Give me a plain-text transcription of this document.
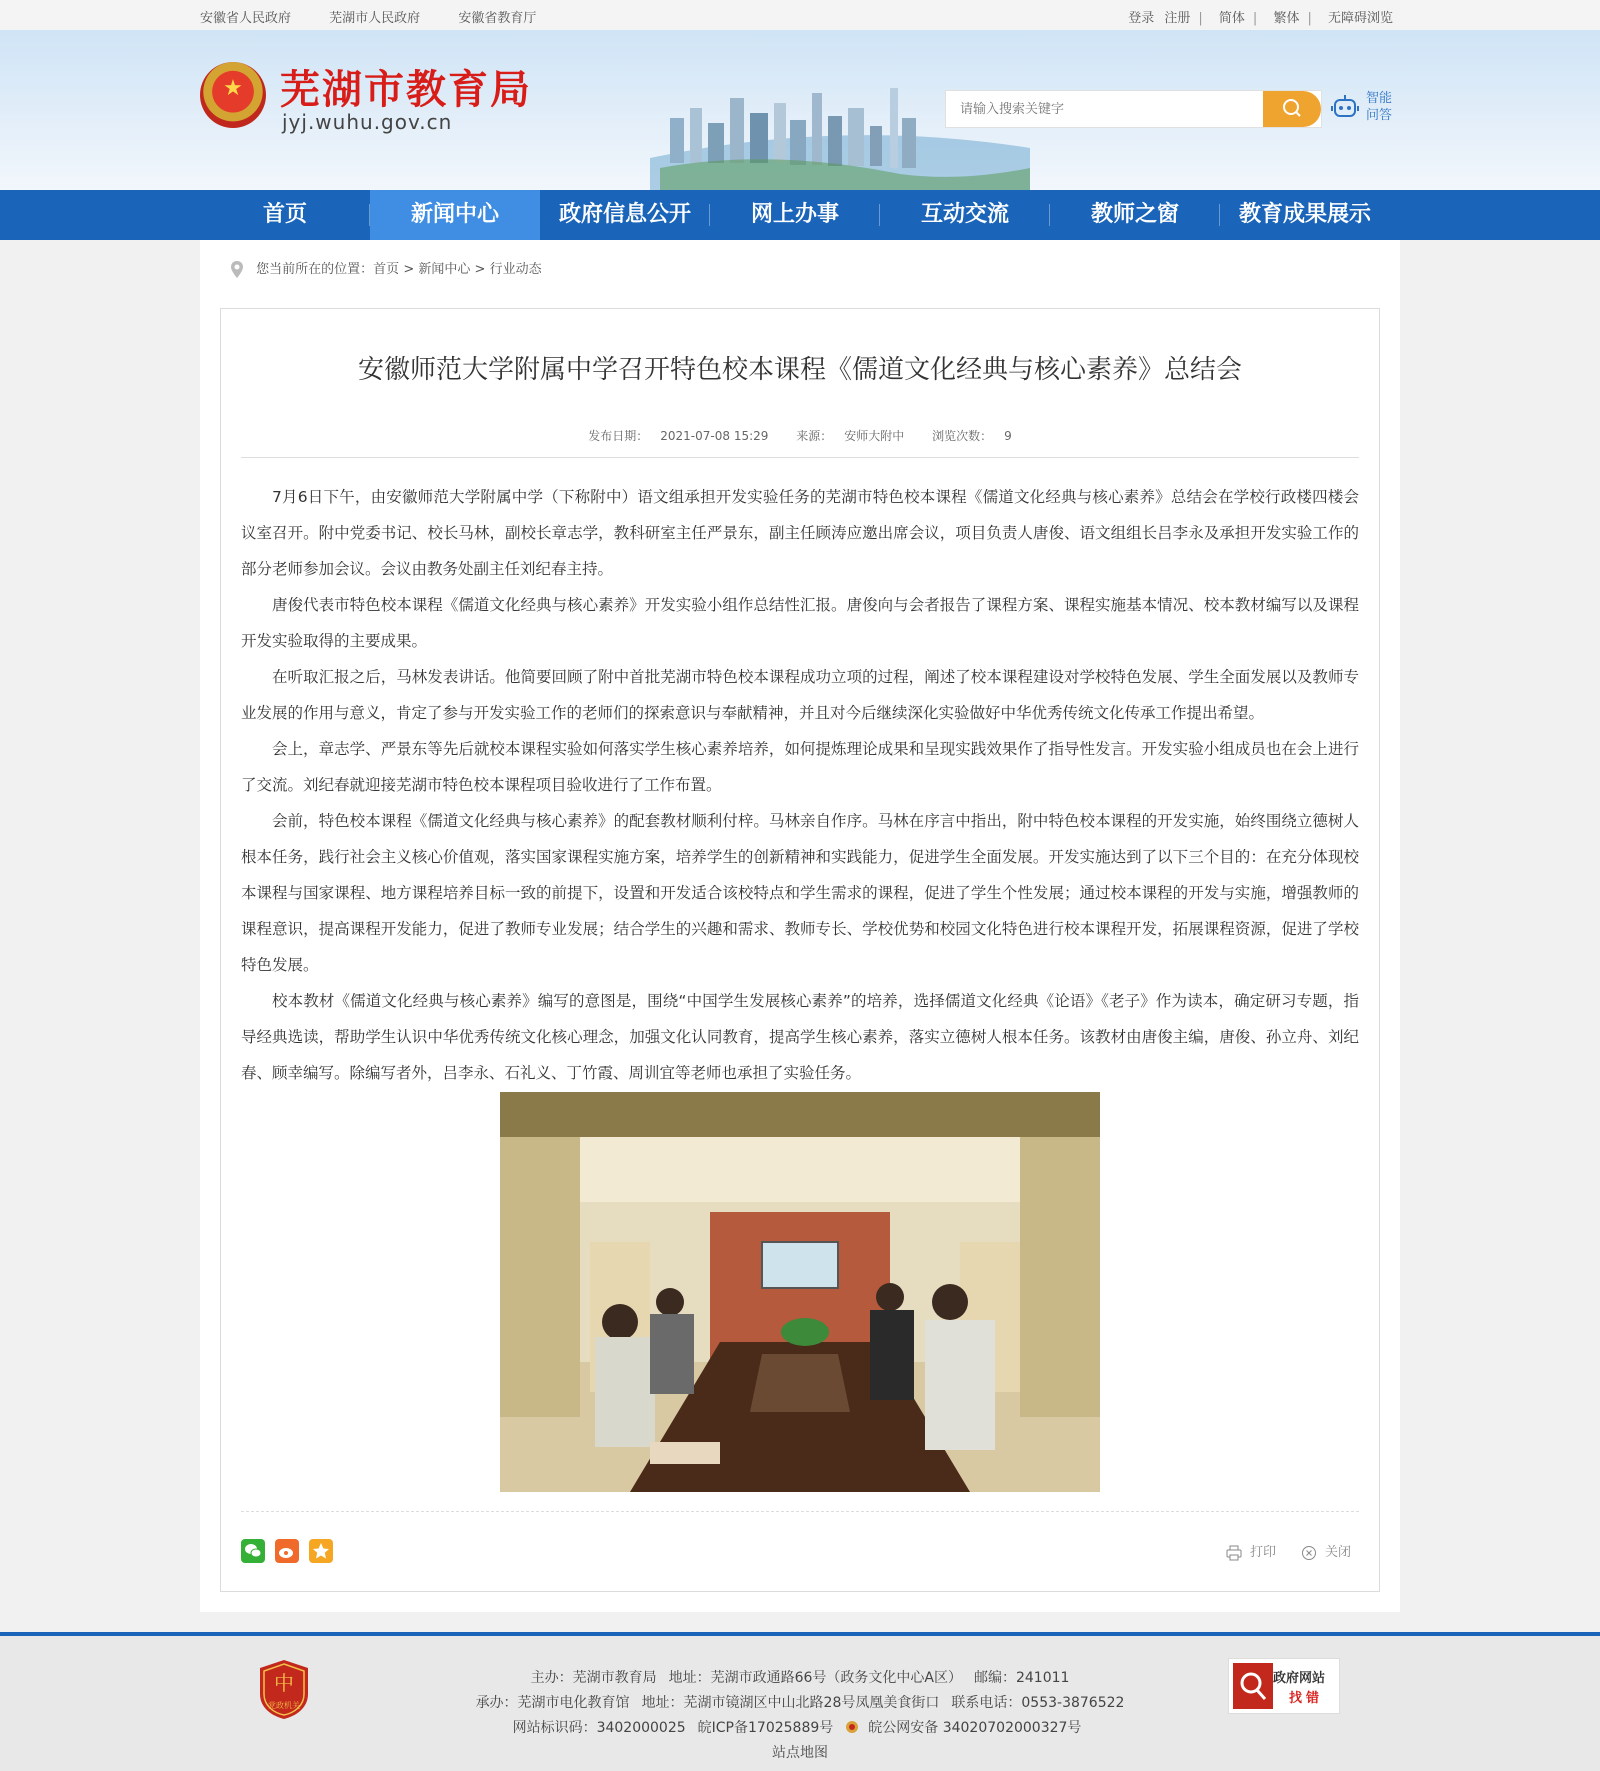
安徽省人民政府	芜湖市人民政府	安徽省教育厅	登录 注册 | 简体 | 繁体 | 无障碍浏览
★ 芜湖市教育局
jyj.wuhu.gov.cn
请输入搜索关键字
智能
问答
首页	新闻中心	政府信息公开	网上办事	互动交流	教师之窗	教育成果展示
您当前所在的位置：首页 > 新闻中心 > 行业动态
安徽师范大学附属中学召开特色校本课程《儒道文化经典与核心素养》总结会
发布日期： 2021-07-08 15:29 来源： 安师大附中 浏览次数： 9

7月6日下午，由安徽师范大学附属中学（下称附中）语文组承担开发实验任务的芜湖市特色校本课程《儒道文化经典与核心素养》总结会在学校行政楼四楼会议室召开。附中党委书记、校长马林，副校长章志学，教科研室主任严景东，副主任顾涛应邀出席会议，项目负责人唐俊、语文组组长吕李永及承担开发实验工作的部分老师参加会议。会议由教务处副主任刘纪春主持。

唐俊代表市特色校本课程《儒道文化经典与核心素养》开发实验小组作总结性汇报。唐俊向与会者报告了课程方案、课程实施基本情况、校本教材编写以及课程开发实验取得的主要成果。

在听取汇报之后，马林发表讲话。他简要回顾了附中首批芜湖市特色校本课程成功立项的过程，阐述了校本课程建设对学校特色发展、学生全面发展以及教师专业发展的作用与意义，肯定了参与开发实验工作的老师们的探索意识与奉献精神，并且对今后继续深化实验做好中华优秀传统文化传承工作提出希望。

会上，章志学、严景东等先后就校本课程实验如何落实学生核心素养培养，如何提炼理论成果和呈现实践效果作了指导性发言。开发实验小组成员也在会上进行了交流。刘纪春就迎接芜湖市特色校本课程项目验收进行了工作布置。

会前，特色校本课程《儒道文化经典与核心素养》的配套教材顺利付梓。马林亲自作序。马林在序言中指出，附中特色校本课程的开发实施，始终围绕立德树人根本任务，践行社会主义核心价值观，落实国家课程实施方案，培养学生的创新精神和实践能力，促进学生全面发展。开发实施达到了以下三个目的：在充分体现校本课程与国家课程、地方课程培养目标一致的前提下，设置和开发适合该校特点和学生需求的课程，促进了学生个性发展；通过校本课程的开发与实施，增强教师的课程意识，提高课程开发能力，促进了教师专业发展；结合学生的兴趣和需求、教师专长、学校优势和校园文化特色进行校本课程开发，拓展课程资源，促进了学校特色发展。

校本教材《儒道文化经典与核心素养》编写的意图是，围绕“中国学生发展核心素养”的培养，选择儒道文化经典《论语》《老子》作为读本，确定研习专题，指导经典选读，帮助学生认识中华优秀传统文化核心理念，加强文化认同教育，提高学生核心素养，落实立德树人根本任务。该教材由唐俊主编，唐俊、孙立舟、刘纪春、顾幸编写。除编写者外，吕李永、石礼义、丁竹霞、周训宜等老师也承担了实验任务。

打印	关闭
中
党政机关
主办：芜湖市教育局 地址：芜湖市政通路66号（政务文化中心A区） 邮编：241011
承办：芜湖市电化教育馆 地址：芜湖市镜湖区中山北路28号凤凰美食街口 联系电话：0553-3876522
网站标识码：3402000025 皖ICP备17025889号	皖公网安备 34020702000327号
站点地图
政府网站
找错
